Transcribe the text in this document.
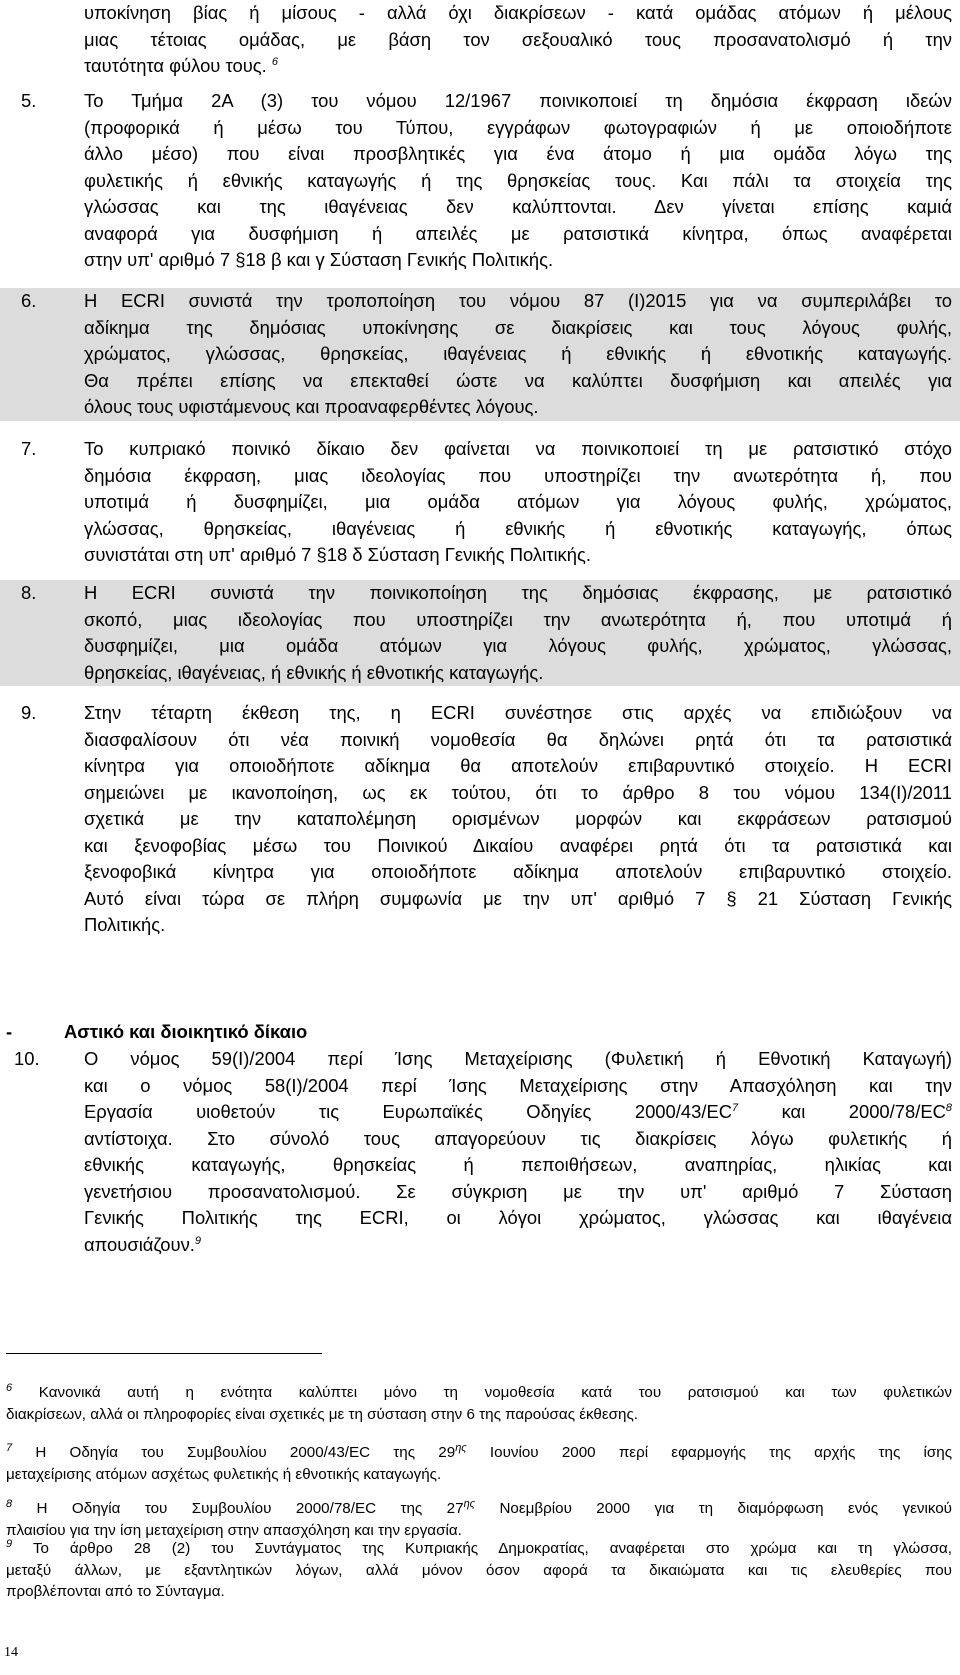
υποκίνηση βίας ή μίσους - αλλά όχι διακρίσεων - κατά ομάδας ατόμων ή μέλους
μιας τέτοιας ομάδας, με βάση τον σεξουαλικό τους προσανατολισμό ή την
ταυτότητα φύλου τους. $^6$
5.	Το Τμήμα 2Α (3) του νόμου 12/1967 ποινικοποιεί τη δημόσια έκφραση ιδεών
(προφορικά ή μέσω του Τύπου, εγγράφων φωτογραφιών ή με οποιοδήποτε
άλλο μέσο) που είναι προσβλητικές για ένα άτομο ή μια ομάδα λόγω της
φυλετικής ή εθνικής καταγωγής ή της θρησκείας τους. Και πάλι τα στοιχεία της
γλώσσας και της ιθαγένειας δεν καλύπτονται. Δεν γίνεται επίσης καμιά
αναφορά για δυσφήμιση ή απειλές με ρατσιστικά κίνητρα, όπως αναφέρεται
στην υπ' αριθμό 7 §18 β και γ Σύσταση Γενικής Πολιτικής.
6.	Η ECRI συνιστά την τροποποίηση του νόμου 87 (I)2015 για να συμπεριλάβει το
αδίκημα της δημόσιας υποκίνησης σε διακρίσεις και τους λόγους φυλής,
χρώματος, γλώσσας, θρησκείας, ιθαγένειας ή εθνικής ή εθνοτικής καταγωγής.
Θα πρέπει επίσης να επεκταθεί ώστε να καλύπτει δυσφήμιση και απειλές για
όλους τους υφιστάμενους και προαναφερθέντες λόγους.
7.	Το κυπριακό ποινικό δίκαιο δεν φαίνεται να ποινικοποιεί τη με ρατσιστικό στόχο
δημόσια έκφραση, μιας ιδεολογίας που υποστηρίζει την ανωτερότητα ή, που
υποτιμά ή δυσφημίζει, μια ομάδα ατόμων για λόγους φυλής, χρώματος,
γλώσσας, θρησκείας, ιθαγένειας ή εθνικής ή εθνοτικής καταγωγής, όπως
συνιστάται στη υπ' αριθμό 7 §18 δ Σύσταση Γενικής Πολιτικής.
8.	Η ECRI συνιστά την ποινικοποίηση της δημόσιας έκφρασης, με ρατσιστικό
σκοπό, μιας ιδεολογίας που υποστηρίζει την ανωτερότητα ή, που υποτιμά ή
δυσφημίζει, μια ομάδα ατόμων για λόγους φυλής, χρώματος, γλώσσας,
θρησκείας, ιθαγένειας, ή εθνικής ή εθνοτικής καταγωγής.
9.	Στην τέταρτη έκθεση της, η ECRI συνέστησε στις αρχές να επιδιώξουν να
διασφαλίσουν ότι νέα ποινική νομοθεσία θα δηλώνει ρητά ότι τα ρατσιστικά
κίνητρα για οποιοδήποτε αδίκημα θα αποτελούν επιβαρυντικό στοιχείο. Η ECRI
σημειώνει με ικανοποίηση, ως εκ τούτου, ότι το άρθρο 8 του νόμου 134(I)/2011
σχετικά με την καταπολέμηση ορισμένων μορφών και εκφράσεων ρατσισμού
και ξενοφοβίας μέσω του Ποινικού Δικαίου αναφέρει ρητά ότι τα ρατσιστικά και
ξενοφοβικά κίνητρα για οποιοδήποτε αδίκημα αποτελούν επιβαρυντικό στοιχείο.
Αυτό είναι τώρα σε πλήρη συμφωνία με την υπ' αριθμό 7 § 21 Σύσταση Γενικής
Πολιτικής.
-	Αστικό και διοικητικό δίκαιο
10.	Ο νόμος 59(I)/2004 περί Ίσης Μεταχείρισης (Φυλετική ή Εθνοτική Καταγωγή)
και ο νόμος 58(I)/2004 περί Ίσης Μεταχείρισης στην Απασχόληση και την
Εργασία υιοθετούν τις Ευρωπαϊκές Οδηγίες 2000/43/EC$^7$ και 2000/78/EC$^8$
αντίστοιχα. Στο σύνολό τους απαγορεύουν τις διακρίσεις λόγω φυλετικής ή
εθνικής καταγωγής, θρησκείας ή πεποιθήσεων, αναπηρίας, ηλικίας και
γενετήσιου προσανατολισμού. Σε σύγκριση με την υπ' αριθμό 7 Σύσταση
Γενικής Πολιτικής της ECRI, οι λόγοι χρώματος, γλώσσας και ιθαγένεια
απουσιάζουν.$^9$
$^6$ Κανονικά αυτή η ενότητα καλύπτει μόνο τη νομοθεσία κατά του ρατσισμού και των φυλετικών
διακρίσεων, αλλά οι πληροφορίες είναι σχετικές με τη σύσταση στην 6 της παρούσας έκθεσης.
$^7$ Η Οδηγία του Συμβουλίου 2000/43/EC της 29$^{\eta\varsigma}$ Ιουνίου 2000 περί εφαρμογής της αρχής της ίσης
μεταχείρισης ατόμων ασχέτως φυλετικής ή εθνοτικής καταγωγής.
$^8$ Η Οδηγία του Συμβουλίου 2000/78/EC της 27$^{\eta\varsigma}$ Νοεμβρίου 2000 για τη διαμόρφωση ενός γενικού
πλαισίου για την ίση μεταχείριση στην απασχόληση και την εργασία.
$^9$ Το άρθρο 28 (2) του Συντάγματος της Κυπριακής Δημοκρατίας, αναφέρεται στο χρώμα και τη γλώσσα,
μεταξύ άλλων, με εξαντλητικών λόγων, αλλά μόνον όσον αφορά τα δικαιώματα και τις ελευθερίες που
προβλέπονται από το Σύνταγμα.
14
